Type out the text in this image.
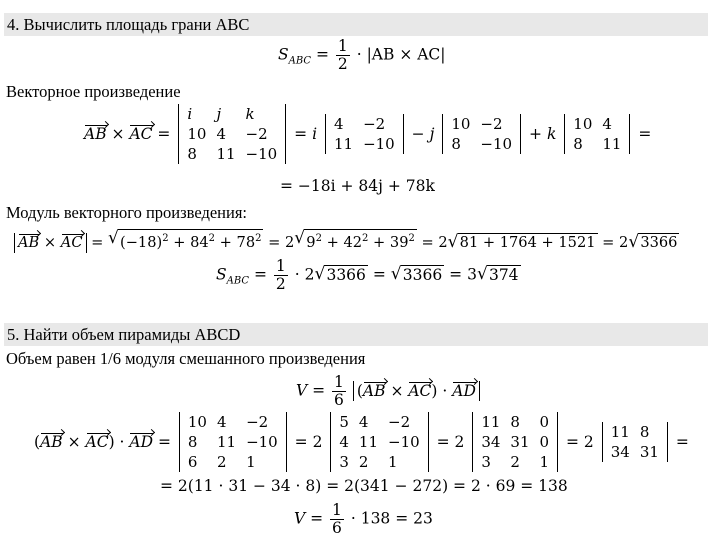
4. Вычислить площадь грани ABC
$S_{ABC} = \frac{1}{2} \cdot |AB \times AC|$
Векторное произведение
AB × AC =
i	j	k
10	4	−2
8	11	−10
= i
4	−2
11	−10
− j
10	−2
8	−10
+ k
10	4
8	11
=
= −18i + 84j + 78k
Модуль векторного произведения:
AB × AC = √ $(-18)^2 + 84^2 + 78^2 = 2$ √ $9^2 + 42^2 + 39^2 = 2$ √ 81 + 1764 + 1521 = 2 √ 3366
$S_{ABC} = \frac{1}{2} \cdot 2$ √ 3366 = √ 3366 = 3 √ 374
5. Найти объем пирамиды ABCD
Объем равен 1/6 модуля смешанного произведения
$V = \frac{1}{6} (AB \times AC)$ · AD
(AB × AC) · AD =
10	4	−2
8	11	−10
6	2	1
= 2
5	4	−2
4	11	−10
3	2	1
= 2
11	8	0
34	31	0
3	2	1
= 2
11	8
34	31
=
= 2(11 · 31 − 34 · 8) = 2(341 − 272) = 2 · 69 = 138
$V = \frac{1}{6} \cdot 138 = 23$
